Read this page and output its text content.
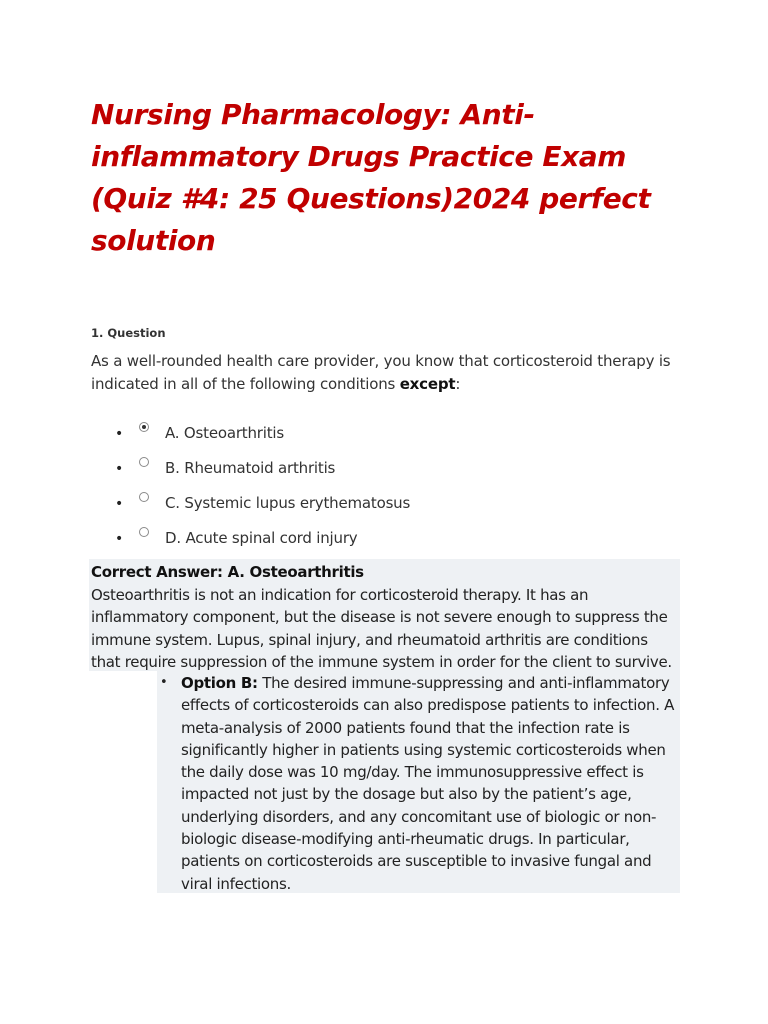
Nursing Pharmacology: Anti-inflammatory Drugs Practice Exam (Quiz #4: 25 Questions)2024 perfect solution
1. Question

As a well-rounded health care provider, you know that corticosteroid therapy is indicated in all of the following conditions except:

•	A. Osteoarthritis
•	B. Rheumatoid arthritis
•	C. Systemic lupus erythematosus
•	D. Acute spinal cord injury

Correct Answer: A. Osteoarthritis
Osteoarthritis is not an indication for corticosteroid therapy. It has an inflammatory component, but the disease is not severe enough to suppress the immune system. Lupus, spinal injury, and rheumatoid arthritis are conditions that require suppression of the immune system in order for the client to survive.

• Option B: The desired immune-suppressing and anti-inflammatory effects of corticosteroids can also predispose patients to infection. A meta-analysis of 2000 patients found that the infection rate is significantly higher in patients using systemic corticosteroids when the daily dose was 10 mg/day. The immunosuppressive effect is impacted not just by the dosage but also by the patient’s age, underlying disorders, and any concomitant use of biologic or non-biologic disease-modifying anti-rheumatic drugs. In particular, patients on corticosteroids are susceptible to invasive fungal and viral infections.
